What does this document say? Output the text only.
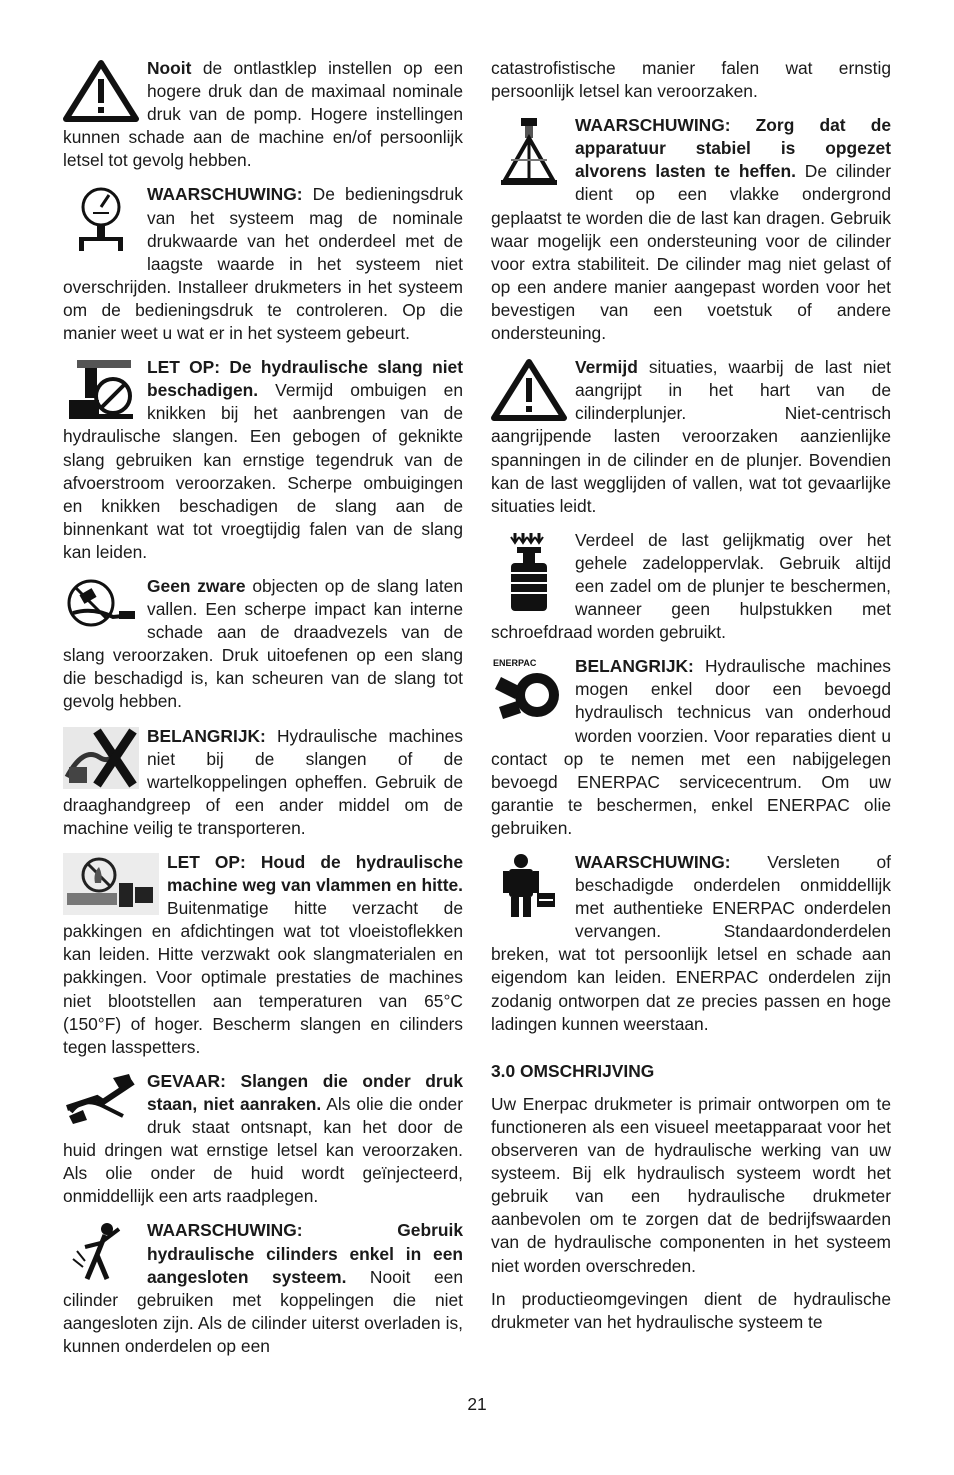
Nooit de ontlastklep instellen op een hogere druk dan de maximaal nominale druk van de pomp. Hogere instellingen kunnen schade aan de machine en/of persoonlijk letsel tot gevolg hebben.
WAARSCHUWING: De bedieningsdruk van het systeem mag de nominale drukwaarde van het onderdeel met de laagste waarde in het systeem niet overschrijden. Installeer drukmeters in het systeem om de bedieningsdruk te controleren. Op die manier weet u wat er in het systeem gebeurt.
LET OP: De hydraulische slang niet beschadigen. Vermijd ombuigen en knikken bij het aanbrengen van de hydraulische slangen. Een gebogen of geknikte slang gebruiken kan ernstige tegendruk van de afvoerstroom veroorzaken. Scherpe ombuigingen en knikken beschadigen de slang aan de binnenkant wat tot vroegtijdig falen van de slang kan leiden.
Geen zware objecten op de slang laten vallen. Een scherpe impact kan interne schade aan de draadvezels van de slang veroorzaken. Druk uitoefenen op een slang die beschadigd is, kan scheuren van de slang tot gevolg hebben.
BELANGRIJK: Hydraulische machines niet bij de slangen of de wartelkoppelingen opheffen. Gebruik de draaghandgreep of een ander middel om de machine veilig te transporteren.
LET OP: Houd de hydraulische machine weg van vlammen en hitte. Buitenmatige hitte verzacht de pakkingen en afdichtingen wat tot vloeistoflekken kan leiden. Hitte verzwakt ook slangmaterialen en pakkingen. Voor optimale prestaties de machines niet blootstellen aan temperaturen van 65°C (150°F) of hoger. Bescherm slangen en cilinders tegen lasspetters.
GEVAAR: Slangen die onder druk staan, niet aanraken. Als olie die onder druk staat ontsnapt, kan het door de huid dringen wat ernstige letsel kan veroorzaken. Als olie onder de huid wordt geïnjecteerd, onmiddellijk een arts raadplegen.
WAARSCHUWING: Gebruik hydraulische cilinders enkel in een aangesloten systeem. Nooit een cilinder gebruiken met koppelingen die niet aangesloten zijn. Als de cilinder uiterst overladen is, kunnen onderdelen op een
catastrofistische manier falen wat ernstig persoonlijk letsel kan veroorzaken.
WAARSCHUWING: Zorg dat de apparatuur stabiel is opgezet alvorens lasten te heffen. De cilinder dient op een vlakke ondergrond geplaatst te worden die de last kan dragen. Gebruik waar mogelijk een ondersteuning voor de cilinder voor extra stabiliteit. De cilinder mag niet gelast of op een andere manier aangepast worden voor het bevestigen van een voetstuk of andere ondersteuning.
Vermijd situaties, waarbij de last niet aangrijpt in het hart van de cilinderplunjer. Niet-centrisch aangrijpende lasten veroorzaken aanzienlijke spanningen in de cilinder en de plunjer. Bovendien kan de last wegglijden of vallen, wat tot gevaarlijke situaties leidt.
Verdeel de last gelijkmatig over het gehele zadeloppervlak. Gebruik altijd een zadel om de plunjer te beschermen, wanneer geen hulpstukken met schroefdraad worden gebruikt.
ENERPAC BELANGRIJK: Hydraulische machines mogen enkel door een bevoegd hydraulisch technicus van onderhoud worden voorzien. Voor reparaties dient u contact op te nemen met een nabijgelegen bevoegd ENERPAC servicecentrum. Om uw garantie te beschermen, enkel ENERPAC olie gebruiken.
WAARSCHUWING: Versleten of beschadigde onderdelen onmiddellijk met authentieke ENERPAC onderdelen vervangen. Standaardonderdelen breken, wat tot persoonlijk letsel en schade aan eigendom kan leiden. ENERPAC onderdelen zijn zodanig ontworpen dat ze precies passen en hoge ladingen kunnen weerstaan.
3.0 OMSCHRIJVING
Uw Enerpac drukmeter is primair ontworpen om te functioneren als een visueel meetapparaat voor het observeren van de hydraulische werking van uw systeem. Bij elk hydraulisch systeem wordt het gebruik van een hydraulische drukmeter aanbevolen om te zorgen dat de bedrijfswaarden van de hydraulische componenten in het systeem niet worden overschreden.
In productieomgevingen dient de hydraulische drukmeter van het hydraulische systeem te
21
